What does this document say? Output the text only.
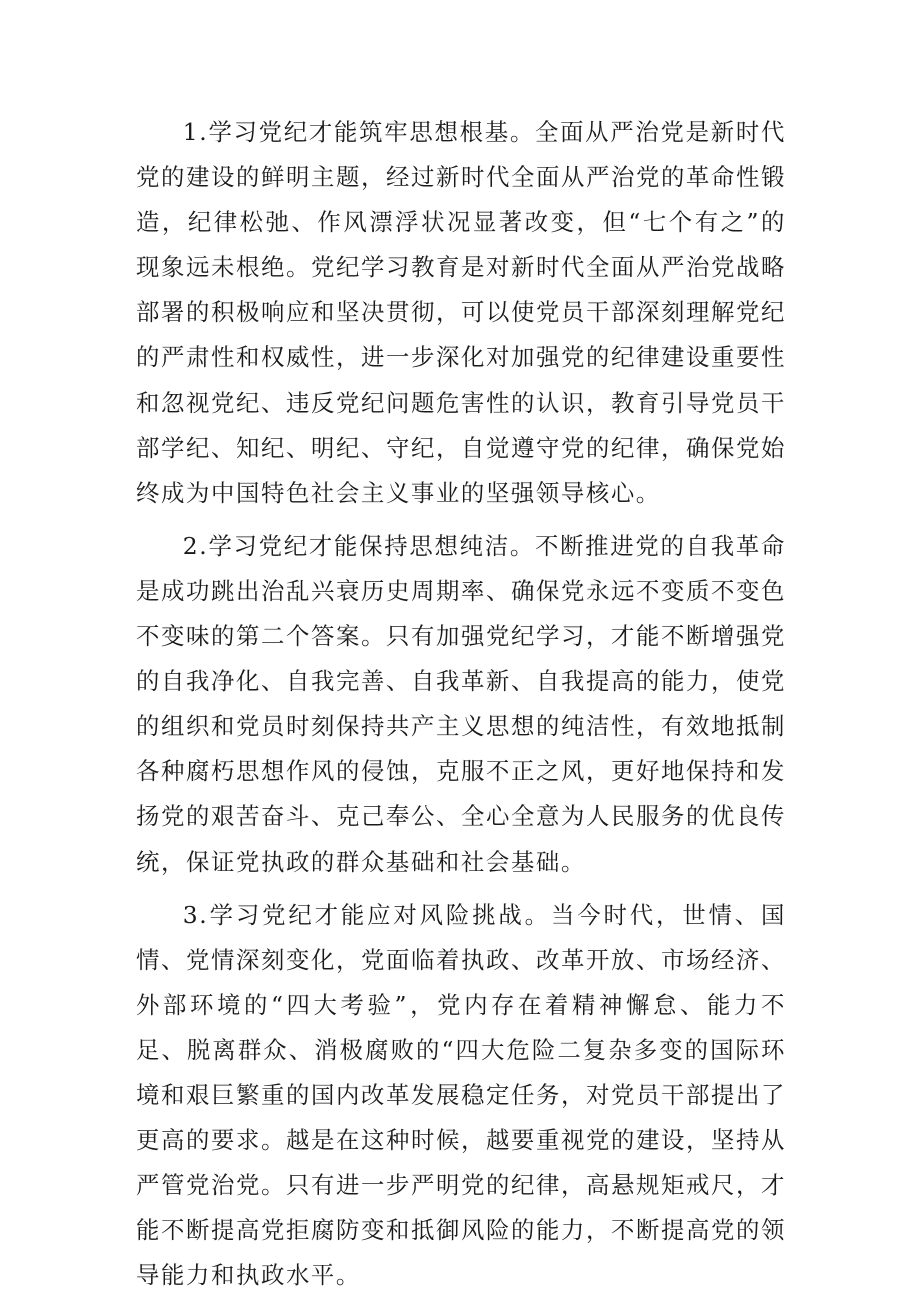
1.学习党纪才能筑牢思想根基。全面从严治党是新时代党的建设的鲜明主题，经过新时代全面从严治党的革命性锻造，纪律松弛、作风漂浮状况显著改变，但“七个有之”的现象远未根绝。党纪学习教育是对新时代全面从严治党战略部署的积极响应和坚决贯彻，可以使党员干部深刻理解党纪的严肃性和权威性，进一步深化对加强党的纪律建设重要性和忽视党纪、违反党纪问题危害性的认识，教育引导党员干部学纪、知纪、明纪、守纪，自觉遵守党的纪律，确保党始终成为中国特色社会主义事业的坚强领导核心。

2.学习党纪才能保持思想纯洁。不断推进党的自我革命是成功跳出治乱兴衰历史周期率、确保党永远不变质不变色不变味的第二个答案。只有加强党纪学习，才能不断增强党的自我净化、自我完善、自我革新、自我提高的能力，使党的组织和党员时刻保持共产主义思想的纯洁性，有效地抵制各种腐朽思想作风的侵蚀，克服不正之风，更好地保持和发扬党的艰苦奋斗、克己奉公、全心全意为人民服务的优良传统，保证党执政的群众基础和社会基础。

3.学习党纪才能应对风险挑战。当今时代，世情、国情、党情深刻变化，党面临着执政、改革开放、市场经济、外部环境的“四大考验”，党内存在着精神懈怠、能力不足、脱离群众、消极腐败的“四大危险二复杂多变的国际环境和艰巨繁重的国内改革发展稳定任务，对党员干部提出了更高的要求。越是在这种时候，越要重视党的建设，坚持从严管党治党。只有进一步严明党的纪律，高悬规矩戒尺，才能不断提高党拒腐防变和抵御风险的能力，不断提高党的领导能力和执政水平。
